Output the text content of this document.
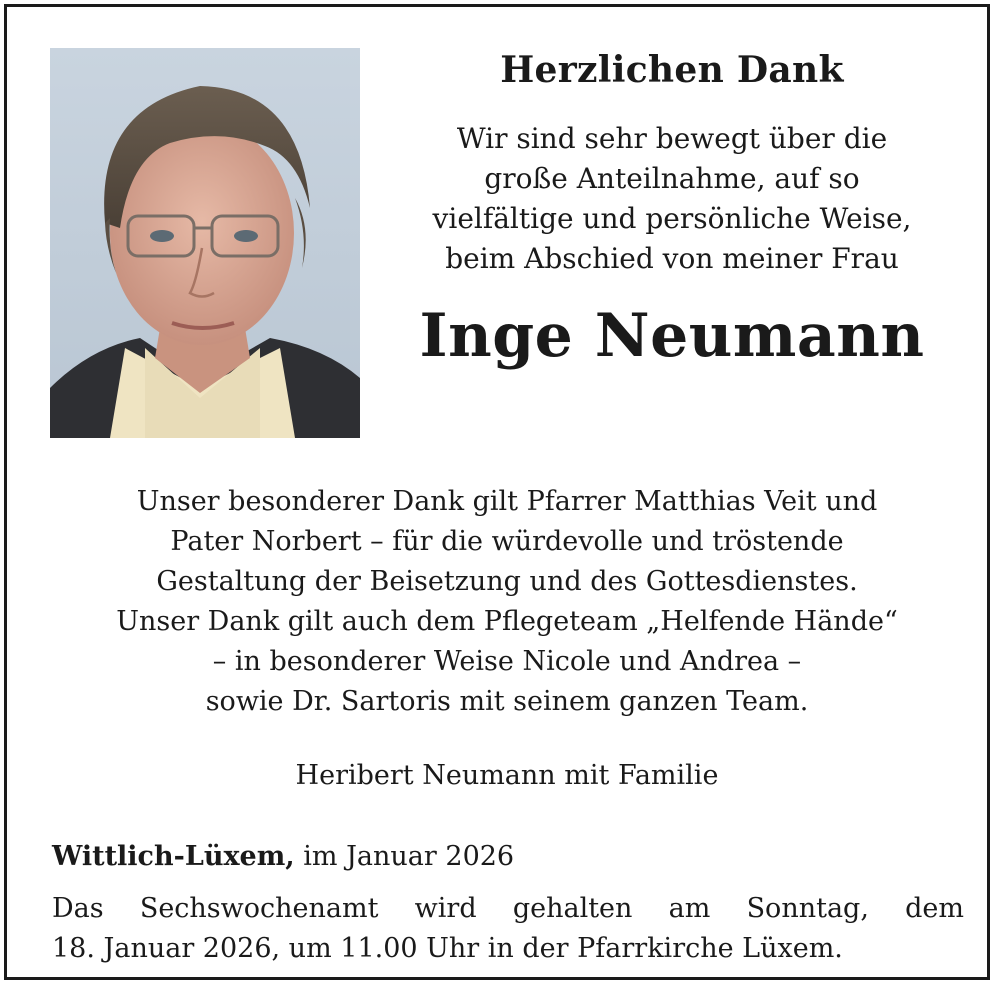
Herzlichen Dank
Wir sind sehr bewegt über die
große Anteilnahme, auf so
vielfältige und persönliche Weise,
beim Abschied von meiner Frau
Inge Neumann

Unser besonderer Dank gilt Pfarrer Matthias Veit und

Pater Norbert – für die würdevolle und tröstende

Gestaltung der Beisetzung und des Gottesdienstes.

Unser Dank gilt auch dem Pflegeteam „Helfende Hände“

– in besonderer Weise Nicole und Andrea –

sowie Dr. Sartoris mit seinem ganzen Team.

Heribert Neumann mit Familie
Wittlich-Lüxem, im Januar 2026
Das Sechswochenamt wird gehalten am Sonntag, dem
18. Januar 2026, um 11.00 Uhr in der Pfarrkirche Lüxem.
